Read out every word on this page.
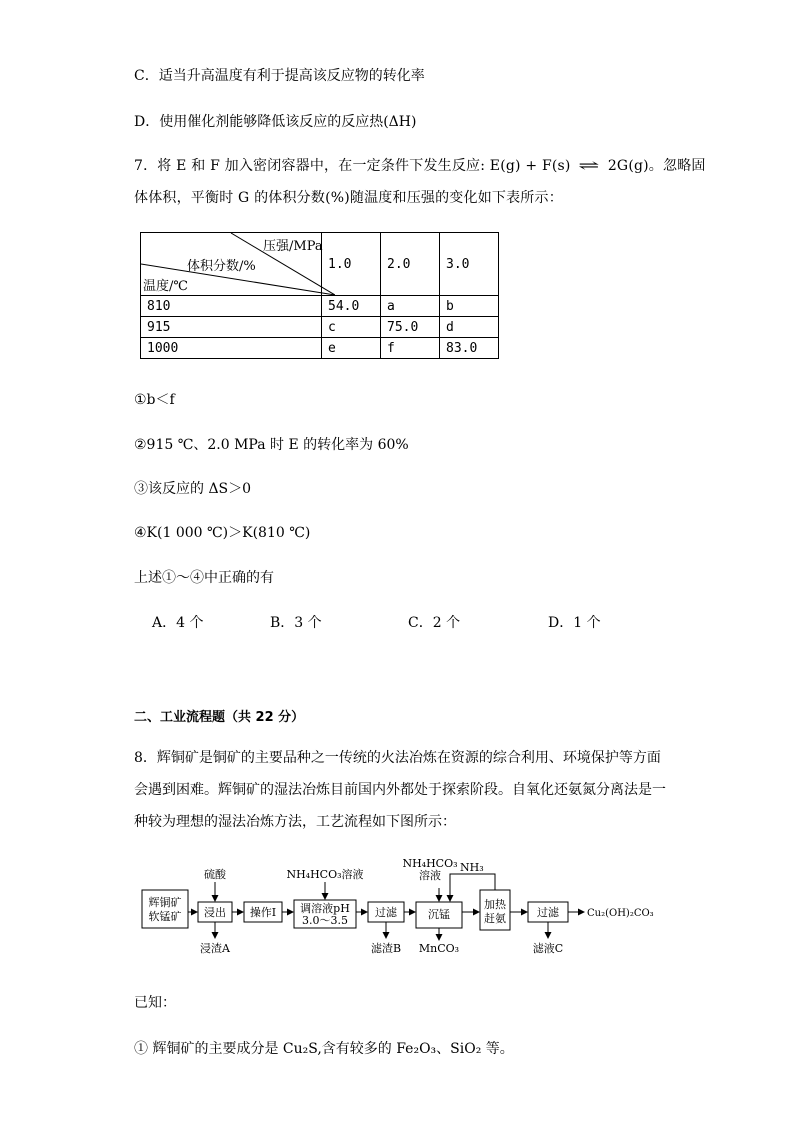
C．适当升高温度有利于提高该反应物的转化率
D．使用催化剂能够降低该反应的反应热(ΔH)
7．将 E 和 F 加入密闭容器中，在一定条件下发生反应: E(g) + F(s) ⇌ 2G(g)。忽略固
体体积，平衡时 G 的体积分数(%)随温度和压强的变化如下表所示：
压强/MPa
体积分数/%
温度/℃	1.0	2.0	3.0
810	54.0	a	b
915	c	75.0	d
1000	e	f	83.0
①b＜f
②915 ℃、2.0 MPa 时 E 的转化率为 60%
③该反应的 ΔS＞0
④K(1 000 ℃)＞K(810 ℃)
上述①～④中正确的有
A．4 个	B．3 个	C．2 个	D．1 个
二、工业流程题（共 22 分）
8．辉铜矿是铜矿的主要品种之一传统的火法冶炼在资源的综合利用、环境保护等方面
会遇到困难。辉铜矿的湿法冶炼目前国内外都处于探索阶段。自氧化还氨氮分离法是一
种较为理想的湿法冶炼方法，工艺流程如下图所示：
辉铜矿
软锰矿
硫酸
浸出
浸渣A
操作I
NH₄HCO₃溶液
调溶液pH
3.0～3.5
过滤
滤渣B
NH₄HCO₃
溶液
NH₃
沉锰
MnCO₃
加热
赶氨	过滤
滤液C
Cu₂(OH)₂CO₃
已知：
① 辉铜矿的主要成分是 Cu₂S,含有较多的 Fe₂O₃、SiO₂ 等。
